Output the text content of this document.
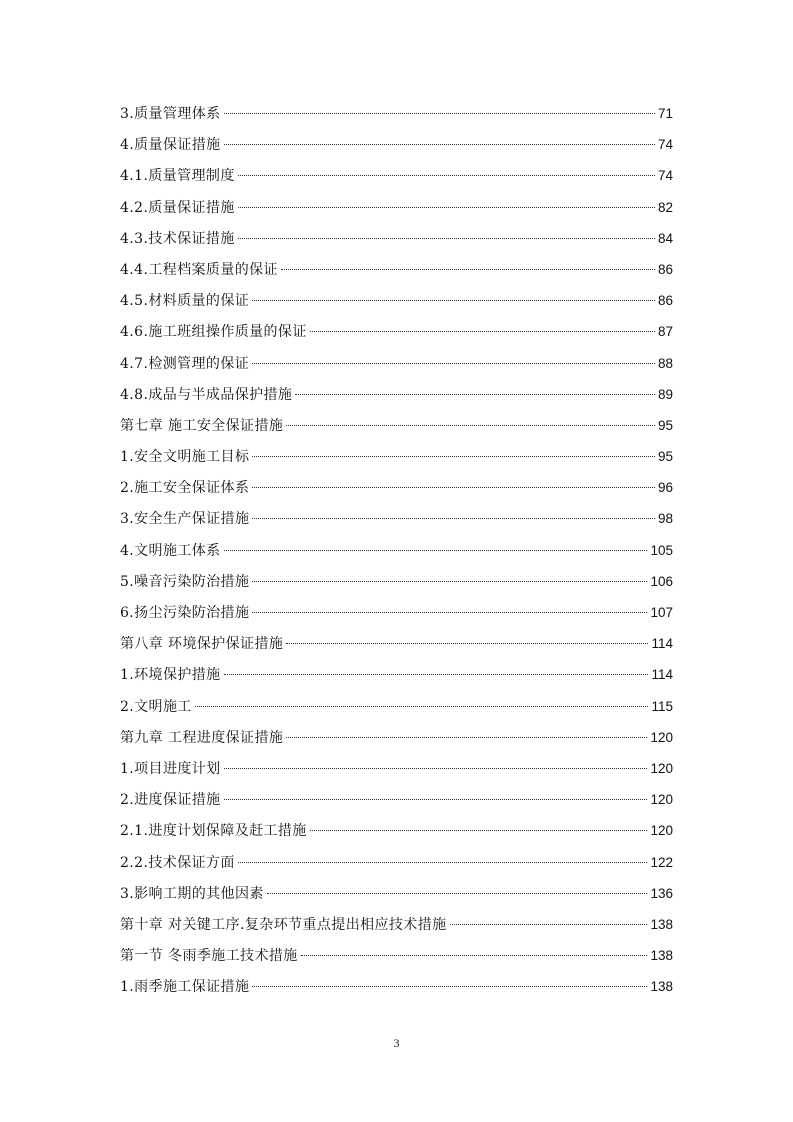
3.质量管理体系	71
4.质量保证措施	74
4.1.质量管理制度	74
4.2.质量保证措施	82
4.3.技术保证措施	84
4.4.工程档案质量的保证	86
4.5.材料质量的保证	86
4.6.施工班组操作质量的保证	87
4.7.检测管理的保证	88
4.8.成品与半成品保护措施	89
第七章 施工安全保证措施	95
1.安全文明施工目标	95
2.施工安全保证体系	96
3.安全生产保证措施	98
4.文明施工体系	105
5.噪音污染防治措施	106
6.扬尘污染防治措施	107
第八章 环境保护保证措施	114
1.环境保护措施	114
2.文明施工	115
第九章 工程进度保证措施	120
1.项目进度计划	120
2.进度保证措施	120
2.1.进度计划保障及赶工措施	120
2.2.技术保证方面	122
3.影响工期的其他因素	136
第十章 对关键工序.复杂环节重点提出相应技术措施	138
第一节 冬雨季施工技术措施	138
1.雨季施工保证措施	138
3
